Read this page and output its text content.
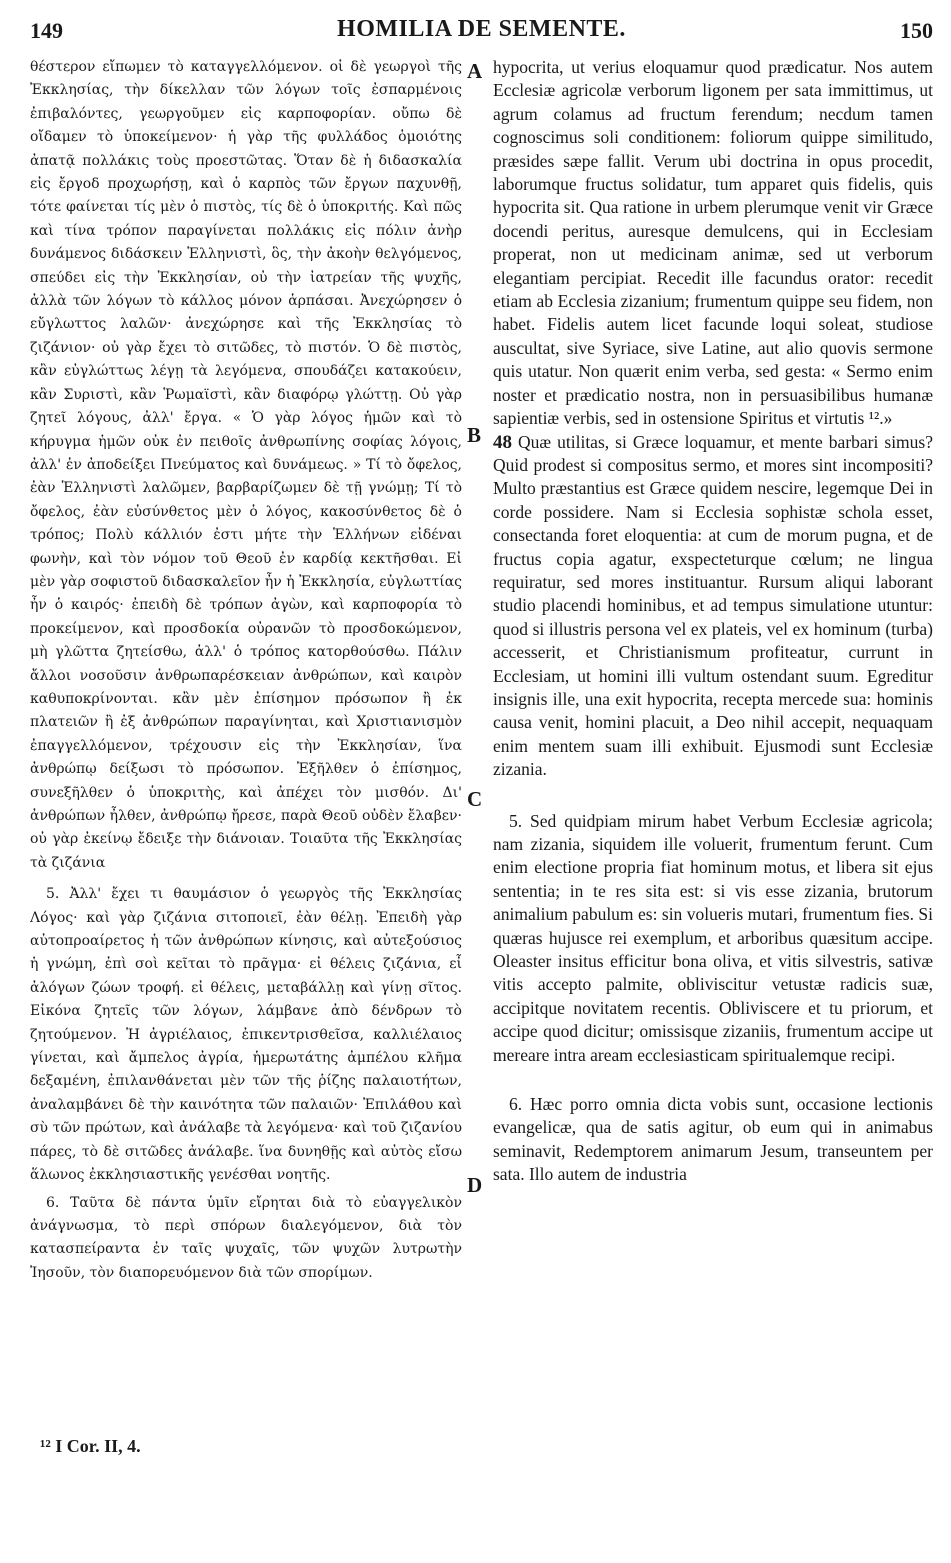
149	HOMILIA DE SEMENTE.	150

θέστερον εἴπωμεν τὸ καταγγελλόμενον. οἱ δὲ γεωργοὶ τῆς Ἐκκλησίας, τὴν δίκελλαν τῶν λόγων τοῖς ἐσπαρμένοις ἐπιβαλόντες, γεωργοῦμεν εἰς καρποφορίαν. οὔπω δὲ οἴδαμεν τὸ ὑποκείμενον· ἡ γὰρ τῆς φυλλάδος ὁμοιότης ἀπατᾷ πολλάκις τοὺς προεστῶτας. Ὅταν δὲ ἡ διδασκαλία εἰς ἔργοδ προχωρήσῃ, καὶ ὁ καρπὸς τῶν ἔργων παχυνθῇ, τότε φαίνεται τίς μὲν ὁ πιστὸς, τίς δὲ ὁ ὑποκριτής. Καὶ πῶς καὶ τίνα τρόπον παραγίνεται πολλάκις εἰς πόλιν ἀνὴρ δυνάμενος διδάσκειν Ἑλληνιστὶ, ὃς, τὴν ἀκοὴν θελγόμενος, σπεύδει εἰς τὴν Ἐκκλησίαν, οὐ τὴν ἰατρείαν τῆς ψυχῆς, ἀλλὰ τῶν λόγων τὸ κάλλος μόνον ἁρπάσαι. Ἀνεχώρησεν ὁ εὔγλωττος λαλῶν· ἀνεχώρησε καὶ τῆς Ἐκκλησίας τὸ ζιζάνιον· οὐ γὰρ ἔχει τὸ σιτῶδες, τὸ πιστόν. Ὁ δὲ πιστὸς, κἂν εὐγλώττως λέγῃ τὰ λεγόμενα, σπουδάζει κατακούειν, κἂν Συριστὶ, κἂν Ῥωμαϊστὶ, κἂν διαφόρῳ γλώττῃ. Οὐ γὰρ ζητεῖ λόγους, ἀλλ' ἔργα. « Ὁ γὰρ λόγος ἡμῶν καὶ τὸ κήρυγμα ἡμῶν οὐκ ἐν πειθοῖς ἀνθρωπίνης σοφίας λόγοις, ἀλλ' ἐν ἀποδείξει Πνεύματος καὶ δυνάμεως. » Τί τὸ ὄφελος, ἐὰν Ἑλληνιστὶ λαλῶμεν, βαρβαρίζωμεν δὲ τῇ γνώμῃ; Τί τὸ ὄφελος, ἐὰν εὐσύνθετος μὲν ὁ λόγος, κακοσύνθετος δὲ ὁ τρόπος; Πολὺ κάλλιόν ἐστι μήτε τὴν Ἑλλήνων εἰδέναι φωνὴν, καὶ τὸν νόμον τοῦ Θεοῦ ἐν καρδίᾳ κεκτῆσθαι. Εἰ μὲν γὰρ σοφιστοῦ διδασκαλεῖον ἦν ἡ Ἐκκλησία, εὐγλωττίας ἦν ὁ καιρός· ἐπειδὴ δὲ τρόπων ἀγὼν, καὶ καρποφορία τὸ προκείμενον, καὶ προσδοκία οὐρανῶν τὸ προσδοκώμενον, μὴ γλῶττα ζητείσθω, ἀλλ' ὁ τρόπος κατορθούσθω. Πάλιν ἄλλοι νοσοῦσιν ἀνθρωπαρέσκειαν ἀνθρώπων, καὶ καιρὸν καθυποκρίνονται. κἂν μὲν ἐπίσημον πρόσωπον ἢ ἐκ πλατειῶν ἢ ἐξ ἀνθρώπων παραγίνηται, καὶ Χριστιανισμὸν ἐπαγγελλόμενον, τρέχουσιν εἰς τὴν Ἐκκλησίαν, ἵνα ἀνθρώπῳ δείξωσι τὸ πρόσωπον. Ἐξῆλθεν ὁ ἐπίσημος, συνεξῆλθεν ὁ ὑποκριτὴς, καὶ ἀπέχει τὸν μισθόν. Δι' ἀνθρώπων ἦλθεν, ἀνθρώπῳ ἤρεσε, παρὰ Θεοῦ οὐδὲν ἔλαβεν· οὐ γὰρ ἐκείνῳ ἔδειξε τὴν διάνοιαν. Τοιαῦτα τῆς Ἐκκλησίας τὰ ζιζάνια

5. Ἀλλ' ἔχει τι θαυμάσιον ὁ γεωργὸς τῆς Ἐκκλησίας Λόγος· καὶ γὰρ ζιζάνια σιτοποιεῖ, ἐὰν θέλῃ. Ἐπειδὴ γὰρ αὐτοπροαίρετος ἡ τῶν ἀνθρώπων κίνησις, καὶ αὐτεξούσιος ἡ γνώμη, ἐπὶ σοὶ κεῖται τὸ πρᾶγμα· εἰ θέλεις ζιζάνια, εἶ ἀλόγων ζώων τροφή. εἰ θέλεις, μεταβάλλῃ καὶ γίνῃ σῖτος. Εἰκόνα ζητεῖς τῶν λόγων, λάμβανε ἀπὸ δένδρων τὸ ζητούμενον. Ἡ ἀγριέλαιος, ἐπικεντρισθεῖσα, καλλιέλαιος γίνεται, καὶ ἄμπελος ἀγρία, ἡμερωτάτης ἀμπέλου κλῆμα δεξαμένη, ἐπιλανθάνεται μὲν τῶν τῆς ῥίζης παλαιοτήτων, ἀναλαμβάνει δὲ τὴν καινότητα τῶν παλαιῶν· Ἐπιλάθου καὶ σὺ τῶν πρώτων, καὶ ἀνάλαβε τὰ λεγόμενα· καὶ τοῦ ζιζανίου πάρες, τὸ δὲ σιτῶδες ἀνάλαβε. ἵνα δυνηθῇς καὶ αὐτὸς εἴσω ἅλωνος ἐκκλησιαστικῆς γενέσθαι νοητῆς.

6. Ταῦτα δὲ πάντα ὑμῖν εἴρηται διὰ τὸ εὐαγγελικὸν ἀνάγνωσμα, τὸ περὶ σπόρων διαλεγόμενον, διὰ τὸν κατασπείραντα ἐν ταῖς ψυχαῖς, τῶν ψυχῶν λυτρωτὴν Ἰησοῦν, τὸν διαπορευόμενον διὰ τῶν σπορίμων.

A
B
C
D

hypocrita, ut verius eloquamur quod prædicatur. Nos autem Ecclesiæ agricolæ verborum ligonem per sata immittimus, ut agrum colamus ad fructum ferendum; necdum tamen cognoscimus soli conditionem: foliorum quippe similitudo, præsides sæpe fallit. Verum ubi doctrina in opus procedit, laborumque fructus solidatur, tum apparet quis fidelis, quis hypocrita sit. Qua ratione in urbem plerumque venit vir Græce docendi peritus, auresque demulcens, qui in Ecclesiam properat, non ut medicinam animæ, sed ut verborum elegantiam percipiat. Recedit ille facundus orator: recedit etiam ab Ecclesia zizanium; frumentum quippe seu fidem, non habet. Fidelis autem licet facunde loqui soleat, studiose auscultat, sive Syriace, sive Latine, aut alio quovis sermone quis utatur. Non quærit enim verba, sed gesta: « Sermo enim noster et prædicatio nostra, non in persuasibilibus humanæ sapientiæ verbis, sed in ostensione Spiritus et virtutis ¹².»

48 Quæ utilitas, si Græce loquamur, et mente barbari simus? Quid prodest si compositus sermo, et mores sint incompositi? Multo præstantius est Græce quidem nescire, legemque Dei in corde possidere. Nam si Ecclesia sophistæ schola esset, consectanda foret eloquentia: at cum de morum pugna, et de fructus copia agatur, exspecteturque cœlum; ne lingua requiratur, sed mores instituantur. Rursum aliqui laborant studio placendi hominibus, et ad tempus simulatione utuntur: quod si illustris persona vel ex plateis, vel ex hominum (turba) accesserit, et Christianismum profiteatur, currunt in Ecclesiam, ut homini illi vultum ostendant suum. Egreditur insignis ille, una exit hypocrita, recepta mercede sua: hominis causa venit, homini placuit, a Deo nihil accepit, nequaquam enim mentem suam illi exhibuit. Ejusmodi sunt Ecclesiæ zizania.

5. Sed quidpiam mirum habet Verbum Ecclesiæ agricola; nam zizania, siquidem ille voluerit, frumentum ferunt. Cum enim electione propria fiat hominum motus, et libera sit ejus sententia; in te res sita est: si vis esse zizania, brutorum animalium pabulum es: sin volueris mutari, frumentum fies. Si quæras hujusce rei exemplum, et arboribus quæsitum accipe. Oleaster insitus efficitur bona oliva, et vitis silvestris, sativæ vitis accepto palmite, obliviscitur vetustæ radicis suæ, accipitque novitatem recentis. Obliviscere et tu priorum, et accipe quod dicitur; omissisque zizaniis, frumentum accipe ut mereare intra aream ecclesiasticam spiritualemque recipi.

6. Hæc porro omnia dicta vobis sunt, occasione lectionis evangelicæ, qua de satis agitur, ob eum qui in animabus seminavit, Redemptorem animarum Jesum, transeuntem per sata. Illo autem de industria

¹² I Cor. II, 4.
